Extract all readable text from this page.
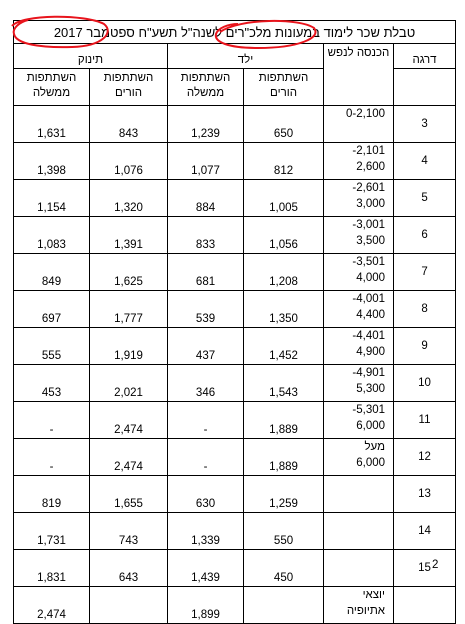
טבלת שכר לימוד במעונות מלכ"רים לשנה"ל תשע"ח ספטמבר 2017					
דרגה	הכנסה לנפש	ילד		תינוק	
		השתתפות הורים	השתתפות ממשלה	השתתפות הורים	השתתפות ממשלה
3	0-2,100	650	1,239	843	1,631
4	2,101-
2,600	812	1,077	1,076	1,398
5	2,601-
3,000	1,005	884	1,320	1,154
6	3,001-
3,500	1,056	833	1,391	1,083
7	3,501-
4,000	1,208	681	1,625	849
8	4,001-
4,400	1,350	539	1,777	697
9	4,401-
4,900	1,452	437	1,919	555
10	4,901-
5,300	1,543	346	2,021	453
11	5,301-
6,000	1,889	-	2,474	-
12	מעל
6,000	1,889	-	2,474	-
13		1,259	630	1,655	819
14		550	1,339	743	1,731
15		450	1,439	643	1,831
	יוצאי
אתיופיה		1,899		2,474
2
